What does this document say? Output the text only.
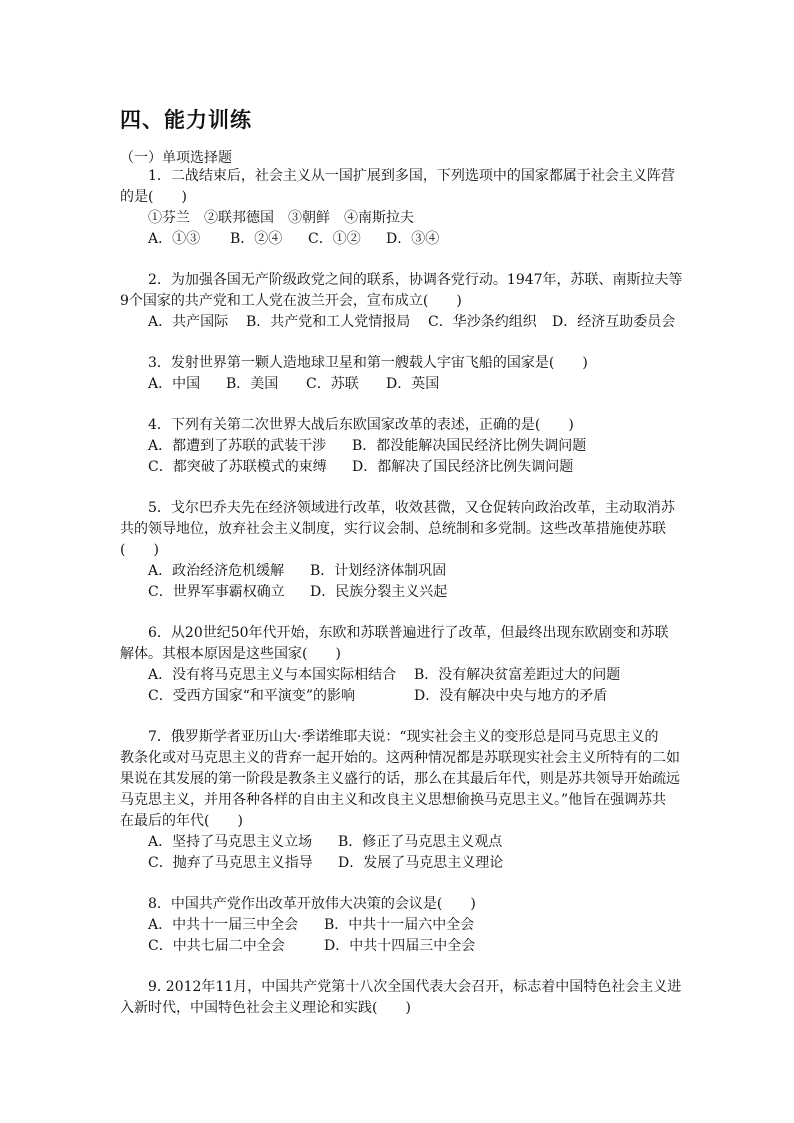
四、能力训练
（一）单项选择题
1．二战结束后，社会主义从一国扩展到多国，下列选项中的国家都属于社会主义阵营
的是(　　)
①芬兰　②联邦德国　③朝鲜　④南斯拉夫
A．①③ B．②④ C．①② D．③④
2．为加强各国无产阶级政党之间的联系，协调各党行动。1947年，苏联、南斯拉夫等
9个国家的共产党和工人党在波兰开会，宣布成立(　　)
A．共产国际 B．共产党和工人党情报局 C．华沙条约组织 D．经济互助委员会
3．发射世界第一颗人造地球卫星和第一艘载人宇宙飞船的国家是(　　)
A．中国 B．美国 C．苏联 D．英国
4．下列有关第二次世界大战后东欧国家改革的表述，正确的是(　　)
A．都遭到了苏联的武装干涉 B．都没能解决国民经济比例失调问题
C．都突破了苏联模式的束缚 D．都解决了国民经济比例失调问题
5．戈尔巴乔夫先在经济领域进行改革，收效甚微，又仓促转向政治改革，主动取消苏
共的领导地位，放弃社会主义制度，实行议会制、总统制和多党制。这些改革措施使苏联
(　　)
A．政治经济危机缓解 B．计划经济体制巩固
C．世界军事霸权确立 D．民族分裂主义兴起
6．从20世纪50年代开始，东欧和苏联普遍进行了改革，但最终出现东欧剧变和苏联
解体。其根本原因是这些国家(　　)
A．没有将马克思主义与本国实际相结合 B．没有解决贫富差距过大的问题
C．受西方国家“和平演变”的影响	D．没有解决中央与地方的矛盾
7．俄罗斯学者亚历山大·季诺维耶夫说：“现实社会主义的变形总是同马克思主义的
教条化或对马克思主义的背弃一起开始的。这两种情况都是苏联现实社会主义所特有的二如
果说在其发展的第一阶段是教条主义盛行的话，那么在其最后年代，则是苏共领导开始疏远
马克思主义，并用各种各样的自由主义和改良主义思想偷换马克思主义。”他旨在强调苏共
在最后的年代(　　)
A．坚持了马克思主义立场 B．修正了马克思主义观点
C．抛弃了马克思主义指导 D．发展了马克思主义理论
8．中国共产党作出改革开放伟大决策的会议是(　　)
A．中共十一届三中全会 B．中共十一届六中全会
C．中共七届二中全会	D．中共十四届三中全会
9. 2012年11月，中国共产党第十八次全国代表大会召开，标志着中国特色社会主义进
入新时代，中国特色社会主义理论和实践(　　)
